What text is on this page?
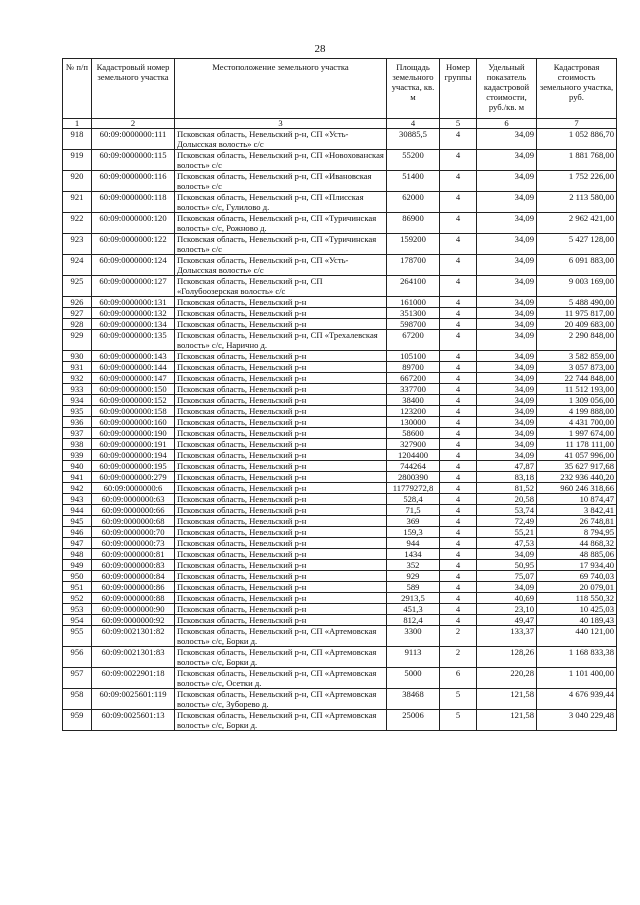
28
№ п/п	Кадастровый номер земельного участка	Местоположение земельного участка	Площадь земельного участка, кв. м	Номер группы	Удельный показатель кадастровой стоимости, руб./кв. м	Кадастровая стоимость земельного участка, руб.
1	2	3	4	5	6	7
918	60:09:0000000:111	Псковская область, Невельский р-н, СП «Усть-Долысская волость» с/с	30885,5	4	34,09	1 052 886,70
919	60:09:0000000:115	Псковская область, Невельский р-н, СП «Новохованская волость» с/с	55200	4	34,09	1 881 768,00
920	60:09:0000000:116	Псковская область, Невельский р-н, СП «Ивановская волость» с/с	51400	4	34,09	1 752 226,00
921	60:09:0000000:118	Псковская область, Невельский р-н, СП «Плисская волость» с/с, Гулилово д.	62000	4	34,09	2 113 580,00
922	60:09:0000000:120	Псковская область, Невельский р-н, СП «Туричинская волость» с/с, Рожново д.	86900	4	34,09	2 962 421,00
923	60:09:0000000:122	Псковская область, Невельский р-н, СП «Туричинская волость» с/с	159200	4	34,09	5 427 128,00
924	60:09:0000000:124	Псковская область, Невельский р-н, СП «Усть-Долысская волость» с/с	178700	4	34,09	6 091 883,00
925	60:09:0000000:127	Псковская область, Невельский р-н, СП «Голубоозерская волость» с/с	264100	4	34,09	9 003 169,00
926	60:09:0000000:131	Псковская область, Невельский р-н	161000	4	34,09	5 488 490,00
927	60:09:0000000:132	Псковская область, Невельский р-н	351300	4	34,09	11 975 817,00
928	60:09:0000000:134	Псковская область, Невельский р-н	598700	4	34,09	20 409 683,00
929	60:09:0000000:135	Псковская область, Невельский р-н, СП «Трехалевская волость» с/с, Нарично д.	67200	4	34,09	2 290 848,00
930	60:09:0000000:143	Псковская область, Невельский р-н	105100	4	34,09	3 582 859,00
931	60:09:0000000:144	Псковская область, Невельский р-н	89700	4	34,09	3 057 873,00
932	60:09:0000000:147	Псковская область, Невельский р-н	667200	4	34,09	22 744 848,00
933	60:09:0000000:150	Псковская область, Невельский р-н	337700	4	34,09	11 512 193,00
934	60:09:0000000:152	Псковская область, Невельский р-н	38400	4	34,09	1 309 056,00
935	60:09:0000000:158	Псковская область, Невельский р-н	123200	4	34,09	4 199 888,00
936	60:09:0000000:160	Псковская область, Невельский р-н	130000	4	34,09	4 431 700,00
937	60:09:0000000:190	Псковская область, Невельский р-н	58600	4	34,09	1 997 674,00
938	60:09:0000000:191	Псковская область, Невельский р-н	327900	4	34,09	11 178 111,00
939	60:09:0000000:194	Псковская область, Невельский р-н	1204400	4	34,09	41 057 996,00
940	60:09:0000000:195	Псковская область, Невельский р-н	744264	4	47,87	35 627 917,68
941	60:09:0000000:279	Псковская область, Невельский р-н	2800390	4	83,18	232 936 440,20
942	60:09:0000000:6	Псковская область, Невельский р-н	11779272,8	4	81,52	960 246 318,66
943	60:09:0000000:63	Псковская область, Невельский р-н	528,4	4	20,58	10 874,47
944	60:09:0000000:66	Псковская область, Невельский р-н	71,5	4	53,74	3 842,41
945	60:09:0000000:68	Псковская область, Невельский р-н	369	4	72,49	26 748,81
946	60:09:0000000:70	Псковская область, Невельский р-н	159,3	4	55,21	8 794,95
947	60:09:0000000:73	Псковская область, Невельский р-н	944	4	47,53	44 868,32
948	60:09:0000000:81	Псковская область, Невельский р-н	1434	4	34,09	48 885,06
949	60:09:0000000:83	Псковская область, Невельский р-н	352	4	50,95	17 934,40
950	60:09:0000000:84	Псковская область, Невельский р-н	929	4	75,07	69 740,03
951	60:09:0000000:86	Псковская область, Невельский р-н	589	4	34,09	20 079,01
952	60:09:0000000:88	Псковская область, Невельский р-н	2913,5	4	40,69	118 550,32
953	60:09:0000000:90	Псковская область, Невельский р-н	451,3	4	23,10	10 425,03
954	60:09:0000000:92	Псковская область, Невельский р-н	812,4	4	49,47	40 189,43
955	60:09:0021301:82	Псковская область, Невельский р-н, СП «Артемовская волость» с/с, Борки д.	3300	2	133,37	440 121,00
956	60:09:0021301:83	Псковская область, Невельский р-н, СП «Артемовская волость» с/с, Борки д.	9113	2	128,26	1 168 833,38
957	60:09:0022901:18	Псковская область, Невельский р-н, СП «Артемовская волость» с/с, Осетки д.	5000	6	220,28	1 101 400,00
958	60:09:0025601:119	Псковская область, Невельский р-н, СП «Артемовская волость» с/с, Зуборево д.	38468	5	121,58	4 676 939,44
959	60:09:0025601:13	Псковская область, Невельский р-н, СП «Артемовская волость» с/с, Борки д.	25006	5	121,58	3 040 229,48
